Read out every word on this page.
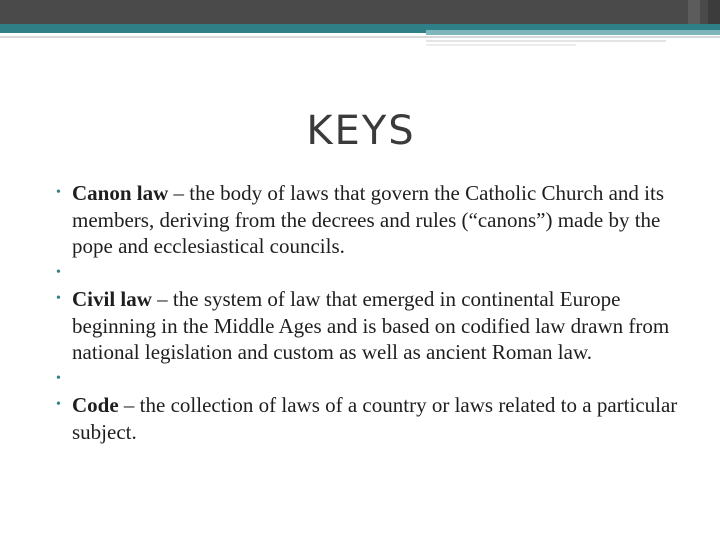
KEYS
• Canon law – the body of laws that govern the Catholic Church and its members, deriving from the decrees and rules (“canons”) made by the pope and ecclesiastical councils.
•
• Civil law – the system of law that emerged in continental Europe beginning in the Middle Ages and is based on codified law drawn from national legislation and custom as well as ancient Roman law.
•
• Code – the collection of laws of a country or laws related to a particular subject.
